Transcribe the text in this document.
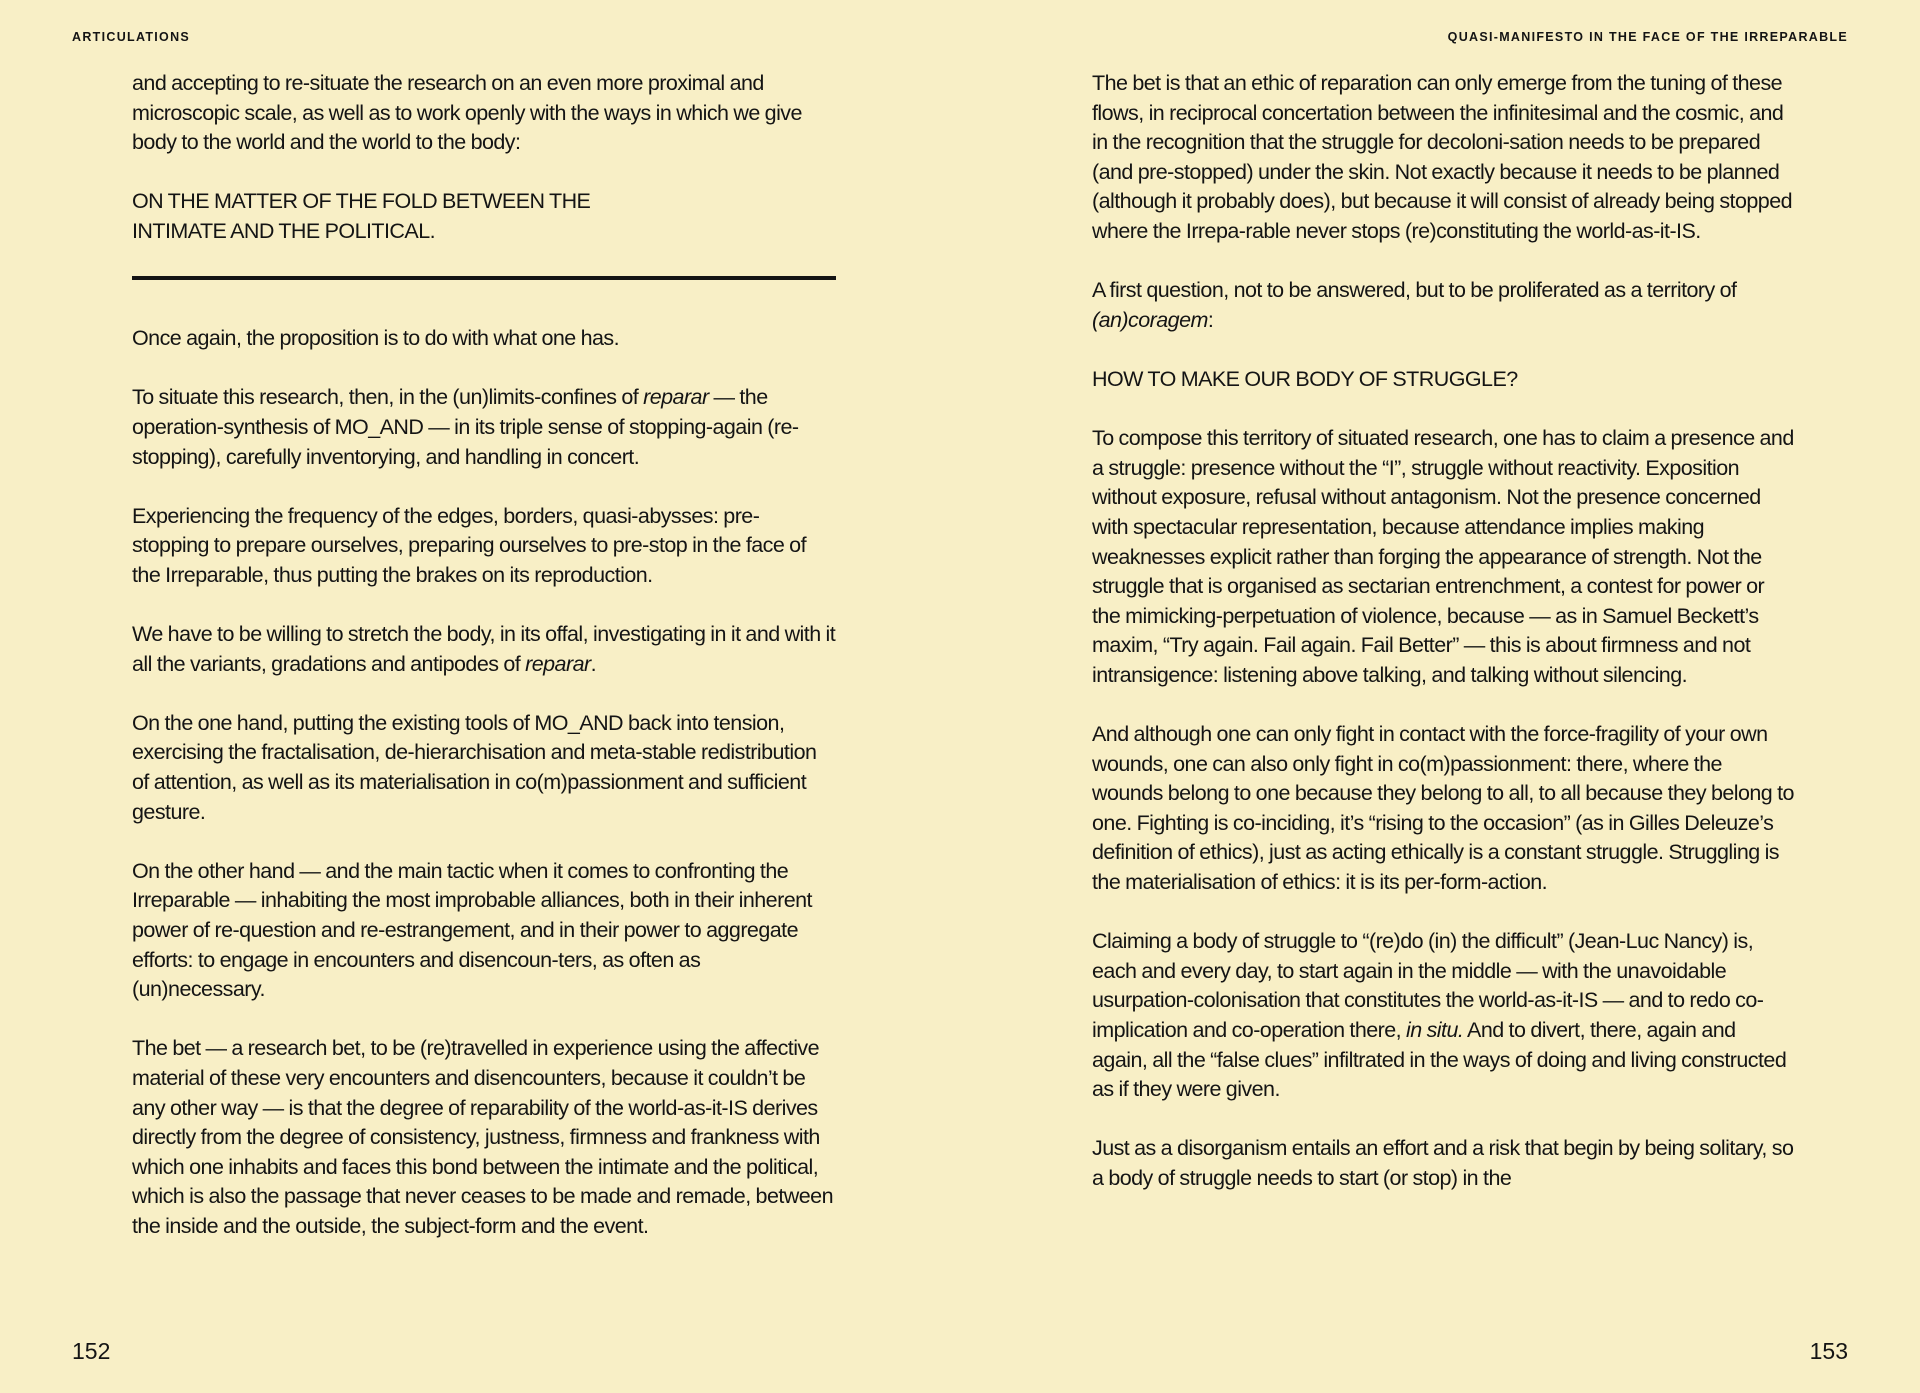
ARTICULATIONS	QUASI-MANIFESTO IN THE FACE OF THE IRREPARABLE

and accepting to re-situate the research on an even more proximal and microscopic scale, as well as to work openly with the ways in which we give body to the world and the world to the body:

ON THE MATTER OF THE FOLD BETWEEN THE INTIMATE AND THE POLITICAL.

Once again, the proposition is to do with what one has.

To situate this research, then, in the (un)limits-confines of reparar — the operation-synthesis of MO_AND — in its triple sense of stopping-again (re-stopping), carefully inventorying, and handling in concert.

Experiencing the frequency of the edges, borders, quasi-abysses: pre-stopping to prepare ourselves, preparing ourselves to pre-stop in the face of the Irreparable, thus putting the brakes on its reproduction.

We have to be willing to stretch the body, in its offal, investigating in it and with it all the variants, gradations and antipodes of reparar.

On the one hand, putting the existing tools of MO_AND back into tension, exercising the fractalisation, de-hierarchisation and meta-stable redistribution of attention, as well as its materialisation in co(m)passionment and sufficient gesture.

On the other hand — and the main tactic when it comes to confronting the Irreparable — inhabiting the most improbable alliances, both in their inherent power of re-question and re-estrangement, and in their power to aggregate efforts: to engage in encounters and disencoun-ters, as often as (un)necessary.

The bet — a research bet, to be (re)travelled in experience using the affective material of these very encounters and disencounters, because it couldn’t be any other way — is that the degree of reparability of the world-as-it-IS derives directly from the degree of consistency, justness, firmness and frankness with which one inhabits and faces this bond between the intimate and the political, which is also the passage that never ceases to be made and remade, between the inside and the outside, the subject-form and the event.

The bet is that an ethic of reparation can only emerge from the tuning of these flows, in reciprocal concertation between the infinitesimal and the cosmic, and in the recognition that the struggle for decoloni-sation needs to be prepared (and pre-stopped) under the skin. Not exactly because it needs to be planned (although it probably does), but because it will consist of already being stopped where the Irrepa-rable never stops (re)constituting the world-as-it-IS.

A first question, not to be answered, but to be proliferated as a territory of (an)coragem:

HOW TO MAKE OUR BODY OF STRUGGLE?

To compose this territory of situated research, one has to claim a presence and a struggle: presence without the “I”, struggle without reactivity. Exposition without exposure, refusal without antagonism. Not the presence concerned with spectacular representation, because attendance implies making weaknesses explicit rather than forging the appearance of strength. Not the struggle that is organised as sectarian entrenchment, a contest for power or the mimicking-perpetuation of violence, because — as in Samuel Beckett’s maxim, “Try again. Fail again. Fail Better” — this is about firmness and not intransigence: listening above talking, and talking without silencing.

And although one can only fight in contact with the force-fragility of your own wounds, one can also only fight in co(m)passionment: there, where the wounds belong to one because they belong to all, to all because they belong to one. Fighting is co-inciding, it’s “rising to the occasion” (as in Gilles Deleuze’s definition of ethics), just as acting ethically is a constant struggle. Struggling is the materialisation of ethics: it is its per-form-action.

Claiming a body of struggle to “(re)do (in) the difficult” (Jean-Luc Nancy) is, each and every day, to start again in the middle — with the unavoidable usurpation-colonisation that constitutes the world-as-it-IS — and to redo co-implication and co-operation there, in situ. And to divert, there, again and again, all the “false clues” infiltrated in the ways of doing and living constructed as if they were given.

Just as a disorganism entails an effort and a risk that begin by being solitary, so a body of struggle needs to start (or stop) in the

152	153
